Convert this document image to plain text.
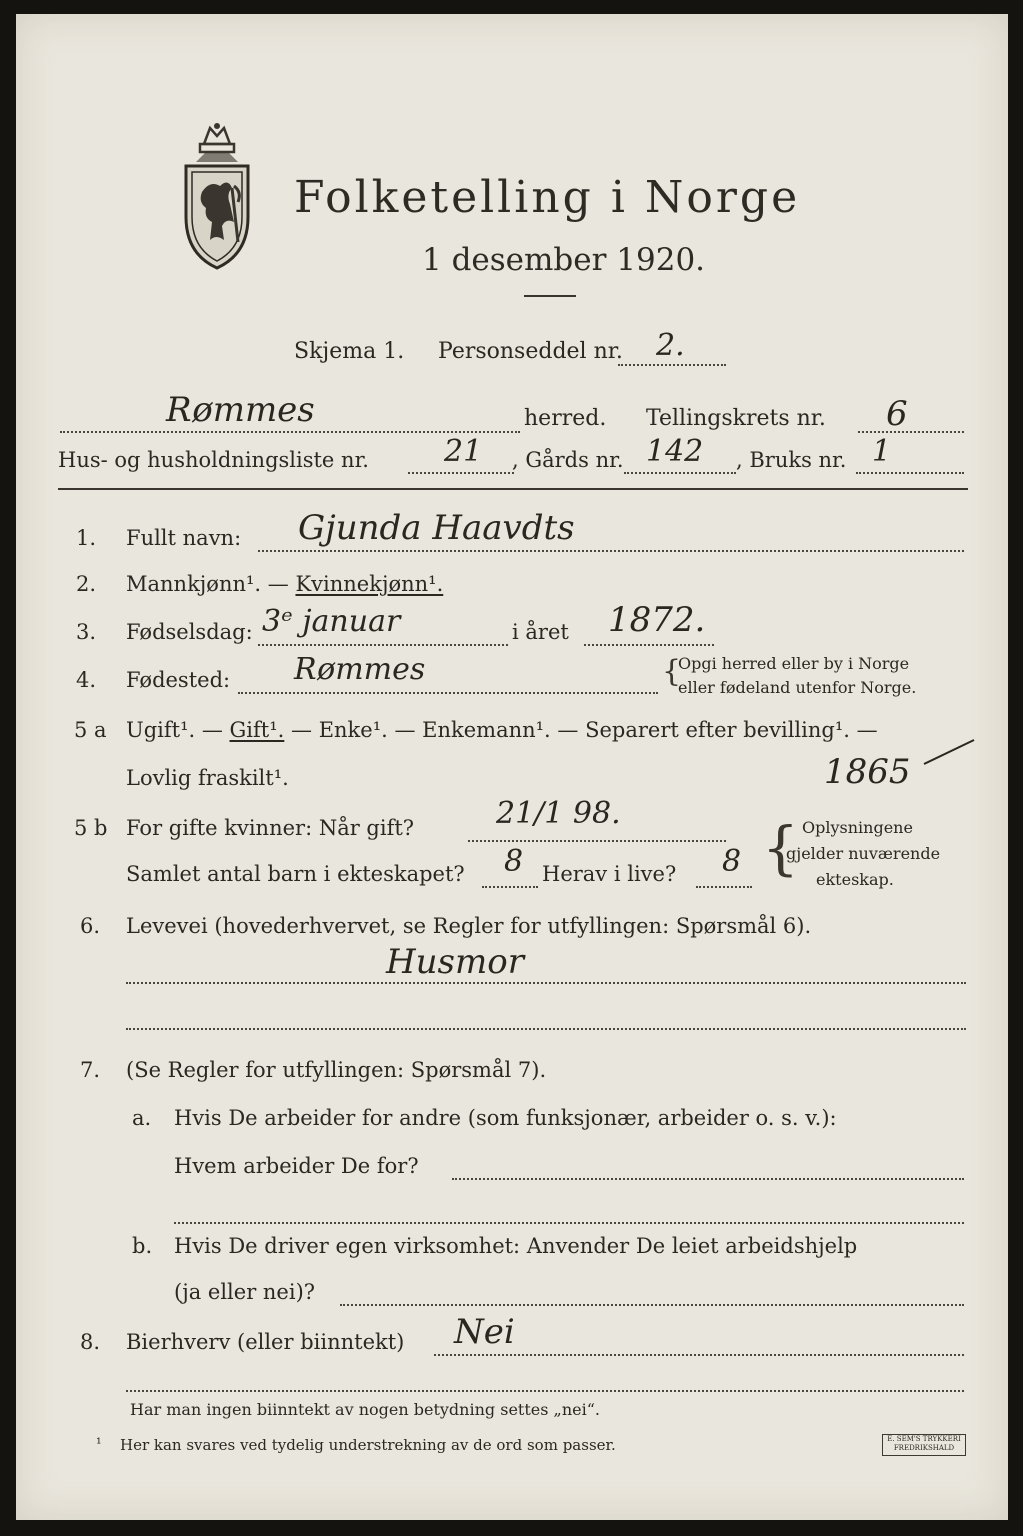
Folketelling i Norge
1 desember 1920.
Skjema 1. Personseddel nr. 2.
Rømmes	herred. Tellingskrets nr. 6
Hus- og husholdningsliste nr.	21 , Gårds nr. 142 , Bruks nr. 1
1. Fullt navn: Gjunda Haavdts
2. Mannkjønn¹. — Kvinnekjønn¹.
3. Fødselsdag: 3ᵉ januar	i året 1872.
4. Fødested: Rømmes	{
Opgi herred eller by i Norge
eller fødeland utenfor Norge.
5 a Ugift¹. — Gift¹. — Enke¹. — Enkemann¹. — Separert efter bevilling¹. —
Lovlig fraskilt¹.	1865
5 b For gifte kvinner: Når gift?	21/1 98.
Samlet antal barn i ekteskapet? 8 Herav i live? 8 { Oplysningene
gjelder nuværende
ekteskap.
6. Levevei (hovederhvervet, se Regler for utfyllingen: Spørsmål 6).
Husmor
7. (Se Regler for utfyllingen: Spørsmål 7).
a. Hvis De arbeider for andre (som funksjonær, arbeider o. s. v.):
Hvem arbeider De for?
b. Hvis De driver egen virksomhet: Anvender De leiet arbeidshjelp
(ja eller nei)?
8. Bierhverv (eller biinntekt) Nei
Har man ingen biinntekt av nogen betydning settes „nei“.
¹ Her kan svares ved tydelig understrekning av de ord som passer.	E. SEM'S TRYKKERI FREDRIKSHALD
